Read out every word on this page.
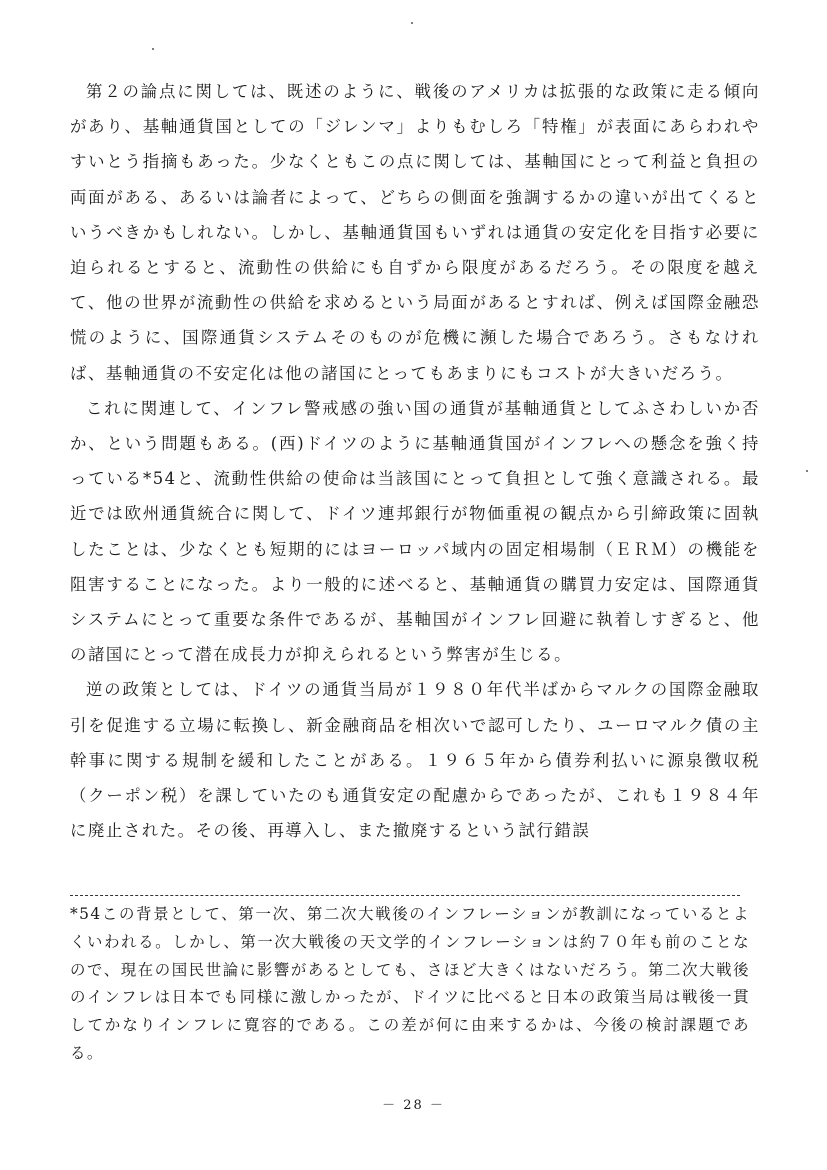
第２の論点に関しては、既述のように、戦後のアメリカは拡張的な政策に走る傾向があり、基軸通貨国としての「ジレンマ」よりもむしろ「特権」が表面にあらわれやすいとう指摘もあった。少なくともこの点に関しては、基軸国にとって利益と負担の両面がある、あるいは論者によって、どちらの側面を強調するかの違いが出てくるというべきかもしれない。しかし、基軸通貨国もいずれは通貨の安定化を目指す必要に迫られるとすると、流動性の供給にも自ずから限度があるだろう。その限度を越えて、他の世界が流動性の供給を求めるという局面があるとすれば、例えば国際金融恐慌のように、国際通貨システムそのものが危機に瀕した場合であろう。さもなければ、基軸通貨の不安定化は他の諸国にとってもあまりにもコストが大きいだろう。

これに関連して、インフレ警戒感の強い国の通貨が基軸通貨としてふさわしいか否か、という問題もある。(西)ドイツのように基軸通貨国がインフレへの懸念を強く持っている*54と、流動性供給の使命は当該国にとって負担として強く意識される。最近では欧州通貨統合に関して、ドイツ連邦銀行が物価重視の観点から引締政策に固執したことは、少なくとも短期的にはヨーロッパ域内の固定相場制（ＥＲＭ）の機能を阻害することになった。より一般的に述べると、基軸通貨の購買力安定は、国際通貨システムにとって重要な条件であるが、基軸国がインフレ回避に執着しすぎると、他の諸国にとって潜在成長力が抑えられるという弊害が生じる。

逆の政策としては、ドイツの通貨当局が１９８０年代半ばからマルクの国際金融取引を促進する立場に転換し、新金融商品を相次いで認可したり、ユーロマルク債の主幹事に関する規制を緩和したことがある。１９６５年から債券利払いに源泉徴収税（クーポン税）を課していたのも通貨安定の配慮からであったが、これも１９８４年に廃止された。その後、再導入し、また撤廃するという試行錯誤

*54この背景として、第一次、第二次大戦後のインフレーションが教訓になっているとよくいわれる。しかし、第一次大戦後の天文学的インフレーションは約７０年も前のことなので、現在の国民世論に影響があるとしても、さほど大きくはないだろう。第二次大戦後のインフレは日本でも同様に激しかったが、ドイツに比べると日本の政策当局は戦後一貫してかなりインフレに寛容的である。この差が何に由来するかは、今後の検討課題である。

－ 28 －
